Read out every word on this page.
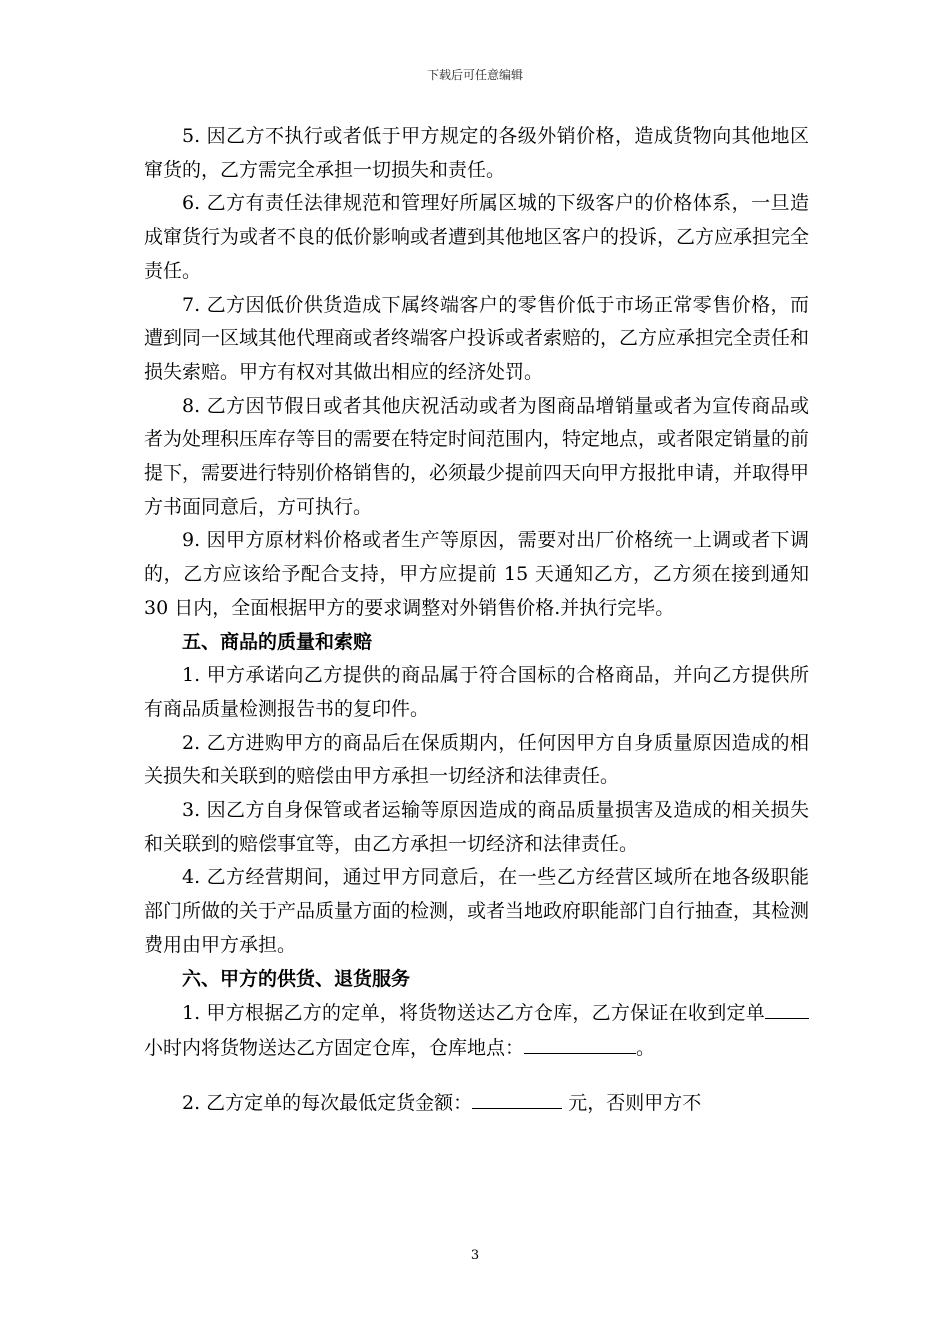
下载后可任意编辑

5. 因乙方不执行或者低于甲方规定的各级外销价格，造成货物向其他地区窜货的，乙方需完全承担一切损失和责任。

6. 乙方有责任法律规范和管理好所属区城的下级客户的价格体系，一旦造成窜货行为或者不良的低价影响或者遭到其他地区客户的投诉，乙方应承担完全责任。

7. 乙方因低价供货造成下属终端客户的零售价低于市场正常零售价格，而遭到同一区域其他代理商或者终端客户投诉或者索赔的，乙方应承担完全责任和损失索赔。甲方有权对其做出相应的经济处罚。

8. 乙方因节假日或者其他庆祝活动或者为图商品增销量或者为宣传商品或者为处理积压库存等目的需要在特定时间范围内，特定地点，或者限定销量的前提下，需要进行特别价格销售的，必须最少提前四天向甲方报批申请，并取得甲方书面同意后，方可执行。

9. 因甲方原材料价格或者生产等原因，需要对出厂价格统一上调或者下调的，乙方应该给予配合支持，甲方应提前 15 天通知乙方，乙方须在接到通知 30 日内，全面根据甲方的要求调整对外销售价格.并执行完毕。

五、商品的质量和索赔

1. 甲方承诺向乙方提供的商品属于符合国标的合格商品，并向乙方提供所有商品质量检测报告书的复印件。

2. 乙方进购甲方的商品后在保质期内，任何因甲方自身质量原因造成的相关损失和关联到的赔偿由甲方承担一切经济和法律责任。

3. 因乙方自身保管或者运输等原因造成的商品质量损害及造成的相关损失和关联到的赔偿事宜等，由乙方承担一切经济和法律责任。

4. 乙方经营期间，通过甲方同意后，在一些乙方经营区域所在地各级职能部门所做的关于产品质量方面的检测，或者当地政府职能部门自行抽查，其检测费用由甲方承担。

六、甲方的供货、退货服务

1. 甲方根据乙方的定单，将货物送达乙方仓库，乙方保证在收到定单小时内将货物送达乙方固定仓库，仓库地点：	。

2. 乙方定单的每次最低定货金额：	元，否则甲方不

3
